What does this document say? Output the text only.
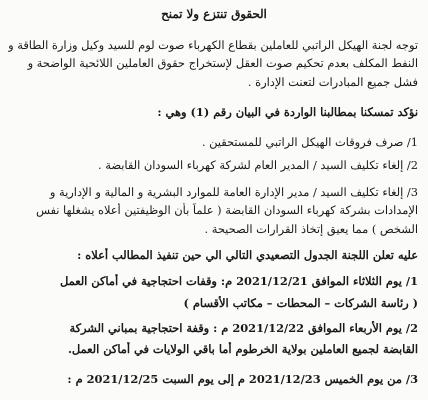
الحقوق تنتزع ولا تمنح
توجه لجنة الهيكل الراتبي للعاملين بقطاع الكهرباء صوت لوم للسيد وكيل وزارة الطاقة و
النفط المكلف بعدم تحكيم صوت العقل لإستخراج حقوق العاملين اللائحية الواضحة و
فشل جميع المبادرات لتعنت الإدارة .
نؤكد تمسكنا بمطالبنا الواردة في البيان رقم (1) وهي :
1/ صرف فروقات الهيكل الراتبي للمستحقين .
2/ إلغاء تكليف السيد / المدير العام لشركة كهرباء السودان القابضة .
3/ إلغاء تكليف السيد / مدير الإدارة العامة للموارد البشرية و المالية و الإدارية و
الإمدادات بشركة كهرباء السودان القابضة ( علماً بأن الوظيفتين أعلاه يشغلها نفس
الشخص ) مما يعيق إتخاذ القرارات الصحيحة .
عليه تعلن اللجنة الجدول التصعيدي التالي الي حين تنفيذ المطالب أعلاه :
1/ يوم الثلاثاء الموافق 2021/12/21 م: وقفات احتجاجية في أماكن العمل
( رئاسة الشركات – المحطات – مكاتب الأقسام )
2/ يوم الأربعاء الموافق 2021/12/22 م : وقفة احتجاجية بمباني الشركة
القابضة لجميع العاملين بولاية الخرطوم أما باقي الولايات في أماكن العمل.
3/ من يوم الخميس 2021/12/23 م إلى يوم السبت 2021/12/25 م :
